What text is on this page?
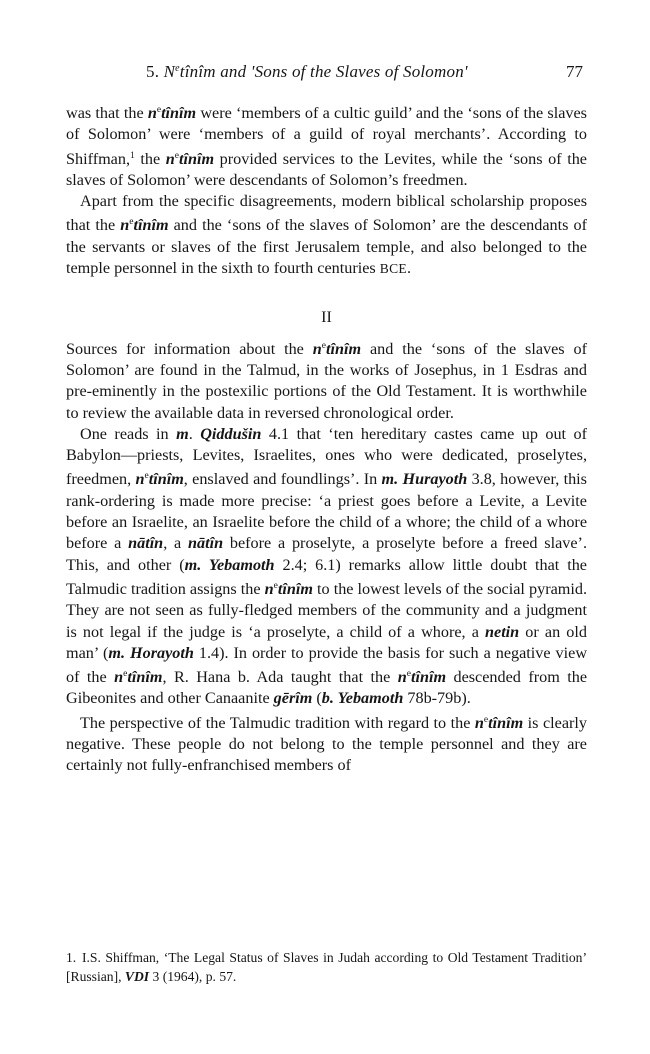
5. $N^etînîm$ and 'Sons of the Slaves of Solomon'	77

was that the $n^etînîm$ were ‘members of a cultic guild’ and the ‘sons of the slaves of Solomon’ were ‘members of a guild of royal merchants’. According to Shiffman,$^1$ the $n^etînîm$ provided services to the Levites, while the ‘sons of the slaves of Solomon’ were descendants of Solomon’s freedmen.

Apart from the specific disagreements, modern biblical scholarship proposes that the $n^etînîm$ and the ‘sons of the slaves of Solomon’ are the descendants of the servants or slaves of the first Jerusalem temple, and also belonged to the temple personnel in the sixth to fourth centuries BCE.

II

Sources for information about the $n^etînîm$ and the ‘sons of the slaves of Solomon’ are found in the Talmud, in the works of Josephus, in 1 Esdras and pre-eminently in the postexilic portions of the Old Testament. It is worthwhile to review the available data in reversed chronological order.

One reads in m. Qiddušin 4.1 that ‘ten hereditary castes came up out of Babylon—priests, Levites, Israelites, ones who were dedicated, proselytes, freedmen, $n^etînîm$, enslaved and foundlings’. In m. Hurayoth 3.8, however, this rank-ordering is made more precise: ‘a priest goes before a Levite, a Levite before an Israelite, an Israelite before the child of a whore; the child of a whore before a nātîn, a nātîn before a proselyte, a proselyte before a freed slave’. This, and other (m. Yebamoth 2.4; 6.1) remarks allow little doubt that the Talmudic tradition assigns the $n^etînîm$ to the lowest levels of the social pyramid. They are not seen as fully-fledged members of the community and a judgment is not legal if the judge is ‘a proselyte, a child of a whore, a netin or an old man’ (m. Horayoth 1.4). In order to provide the basis for such a negative view of the $n^etînîm$, R. Hana b. Ada taught that the $n^etînîm$ descended from the Gibeonites and other Canaanite gērîm (b. Yebamoth 78b-79b).

The perspective of the Talmudic tradition with regard to the $n^etînîm$ is clearly negative. These people do not belong to the temple personnel and they are certainly not fully-enfranchised members of

1. I.S. Shiffman, ‘The Legal Status of Slaves in Judah according to Old Testament Tradition’ [Russian], VDI 3 (1964), p. 57.
